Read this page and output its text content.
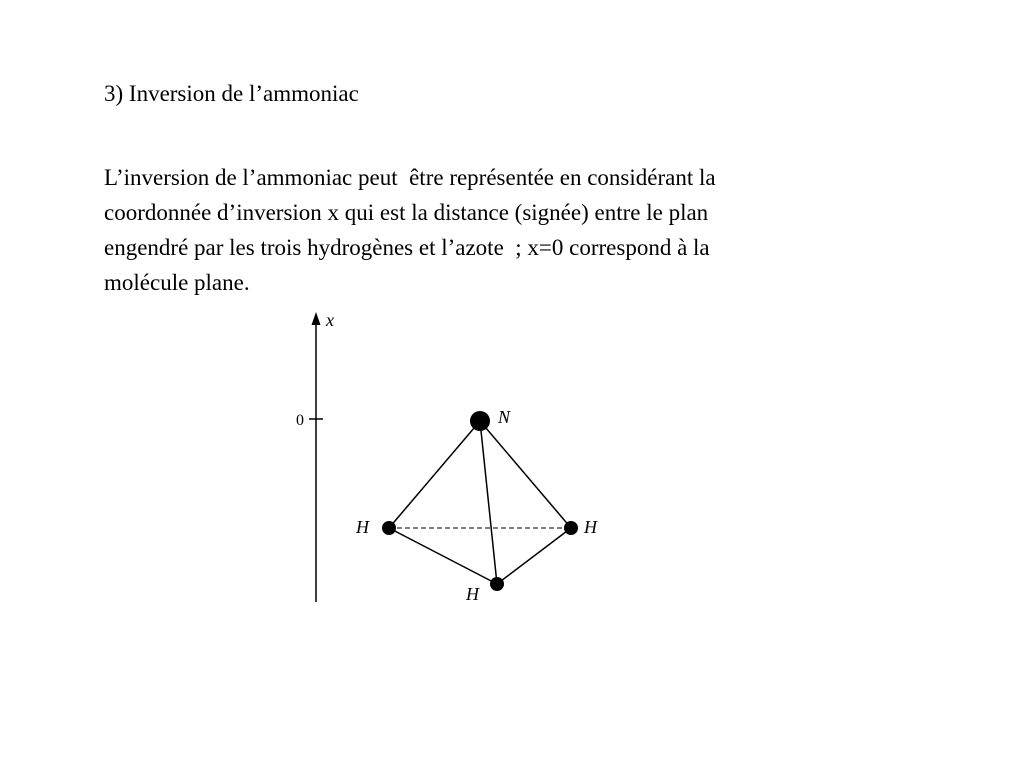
3) Inversion de l’ammoniac
L’inversion de l’ammoniac peut  être représentée en considérant la
coordonnée d’inversion x qui est la distance (signée) entre le plan
engendré par les trois hydrogènes et l’azote  ; x=0 correspond à la
molécule plane.
x
0	N
H	H
H
